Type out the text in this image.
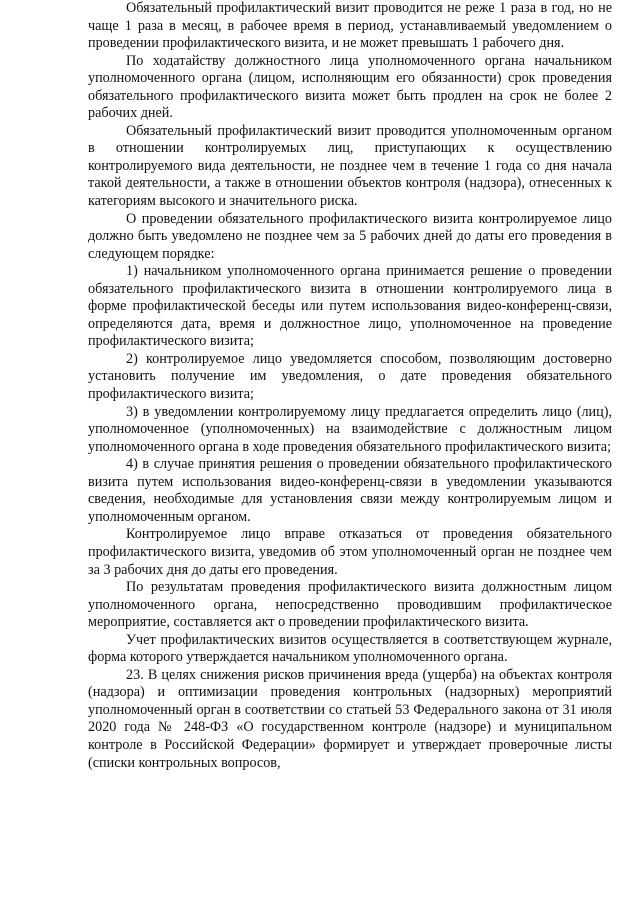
Обязательный профилактический визит проводится не реже 1 раза в год, но не чаще 1 раза в месяц, в рабочее время в период, устанавливаемый уведомлением о проведении профилактического визита, и не может превышать 1 рабочего дня.

По ходатайству должностного лица уполномоченного органа начальником уполномоченного органа (лицом, исполняющим его обязанности) срок проведения обязательного профилактического визита может быть продлен на срок не более 2 рабочих дней.

Обязательный профилактический визит проводится уполномоченным органом в отношении контролируемых лиц, приступающих к осуществлению контролируемого вида деятельности, не позднее чем в течение 1 года со дня начала такой деятельности, а также в отношении объектов контроля (надзора), отнесенных к категориям высокого и значительного риска.

О проведении обязательного профилактического визита контролируемое лицо должно быть уведомлено не позднее чем за 5 рабочих дней до даты его проведения в следующем порядке:

1) начальником уполномоченного органа принимается решение о проведении обязательного профилактического визита в отношении контролируемого лица в форме профилактической беседы или путем использования видео-конференц-связи, определяются дата, время и должностное лицо, уполномоченное на проведение профилактического визита;

2) контролируемое лицо уведомляется способом, позволяющим достоверно установить получение им уведомления, о дате проведения обязательного профилактического визита;

3) в уведомлении контролируемому лицу предлагается определить лицо (лиц), уполномоченное (уполномоченных) на взаимодействие с должностным лицом уполномоченного органа в ходе проведения обязательного профилактического визита;

4) в случае принятия решения о проведении обязательного профилактического визита путем использования видео-конференц-связи в уведомлении указываются сведения, необходимые для установления связи между контролируемым лицом и уполномоченным органом.

Контролируемое лицо вправе отказаться от проведения обязательного профилактического визита, уведомив об этом уполномоченный орган не позднее чем за 3 рабочих дня до даты его проведения.

По результатам проведения профилактического визита должностным лицом уполномоченного органа, непосредственно проводившим профилактическое мероприятие, составляется акт о проведении профилактического визита.

Учет профилактических визитов осуществляется в соответствующем журнале, форма которого утверждается начальником уполномоченного органа.

23. В целях снижения рисков причинения вреда (ущерба) на объектах контроля (надзора) и оптимизации проведения контрольных (надзорных) мероприятий уполномоченный орган в соответствии со статьей 53 Федерального закона от 31 июля 2020 года № 248-ФЗ «О государственном контроле (надзоре) и муниципальном контроле в Российской Федерации» формирует и утверждает проверочные листы (списки контрольных вопросов,
